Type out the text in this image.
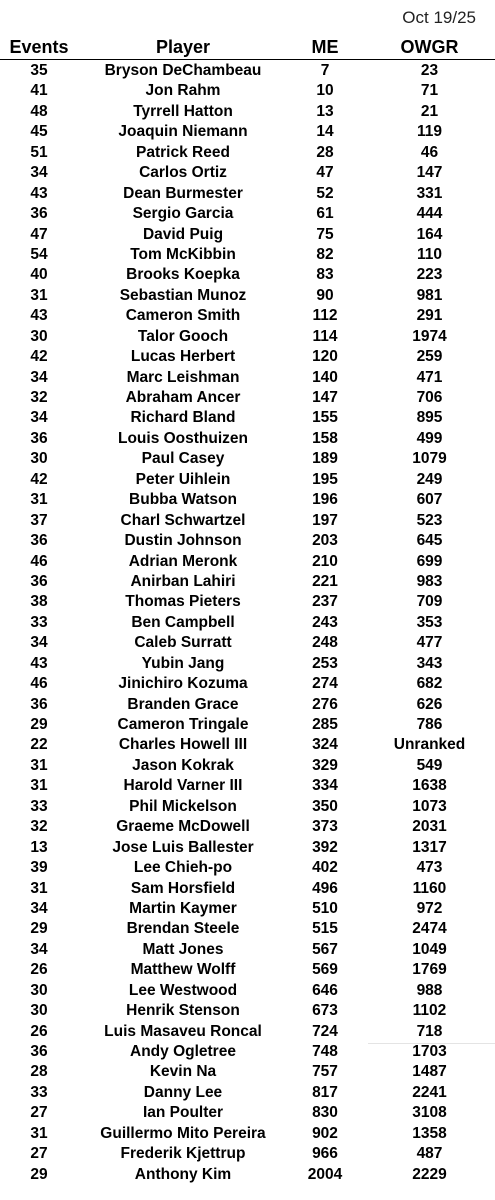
Oct 19/25
Events	Player	ME	OWGR
35	Bryson DeChambeau	7	23
41	Jon Rahm	10	71
48	Tyrrell Hatton	13	21
45	Joaquin Niemann	14	119
51	Patrick Reed	28	46
34	Carlos Ortiz	47	147
43	Dean Burmester	52	331
36	Sergio Garcia	61	444
47	David Puig	75	164
54	Tom McKibbin	82	110
40	Brooks Koepka	83	223
31	Sebastian Munoz	90	981
43	Cameron Smith	112	291
30	Talor Gooch	114	1974
42	Lucas Herbert	120	259
34	Marc Leishman	140	471
32	Abraham Ancer	147	706
34	Richard Bland	155	895
36	Louis Oosthuizen	158	499
30	Paul Casey	189	1079
42	Peter Uihlein	195	249
31	Bubba Watson	196	607
37	Charl Schwartzel	197	523
36	Dustin Johnson	203	645
46	Adrian Meronk	210	699
36	Anirban Lahiri	221	983
38	Thomas Pieters	237	709
33	Ben Campbell	243	353
34	Caleb Surratt	248	477
43	Yubin Jang	253	343
46	Jinichiro Kozuma	274	682
36	Branden Grace	276	626
29	Cameron Tringale	285	786
22	Charles Howell III	324	Unranked
31	Jason Kokrak	329	549
31	Harold Varner III	334	1638
33	Phil Mickelson	350	1073
32	Graeme McDowell	373	2031
13	Jose Luis Ballester	392	1317
39	Lee Chieh-po	402	473
31	Sam Horsfield	496	1160
34	Martin Kaymer	510	972
29	Brendan Steele	515	2474
34	Matt Jones	567	1049
26	Matthew Wolff	569	1769
30	Lee Westwood	646	988
30	Henrik Stenson	673	1102
26	Luis Masaveu Roncal	724	718
36	Andy Ogletree	748	1703
28	Kevin Na	757	1487
33	Danny Lee	817	2241
27	Ian Poulter	830	3108
31	Guillermo Mito Pereira	902	1358
27	Frederik Kjettrup	966	487
29	Anthony Kim	2004	2229
